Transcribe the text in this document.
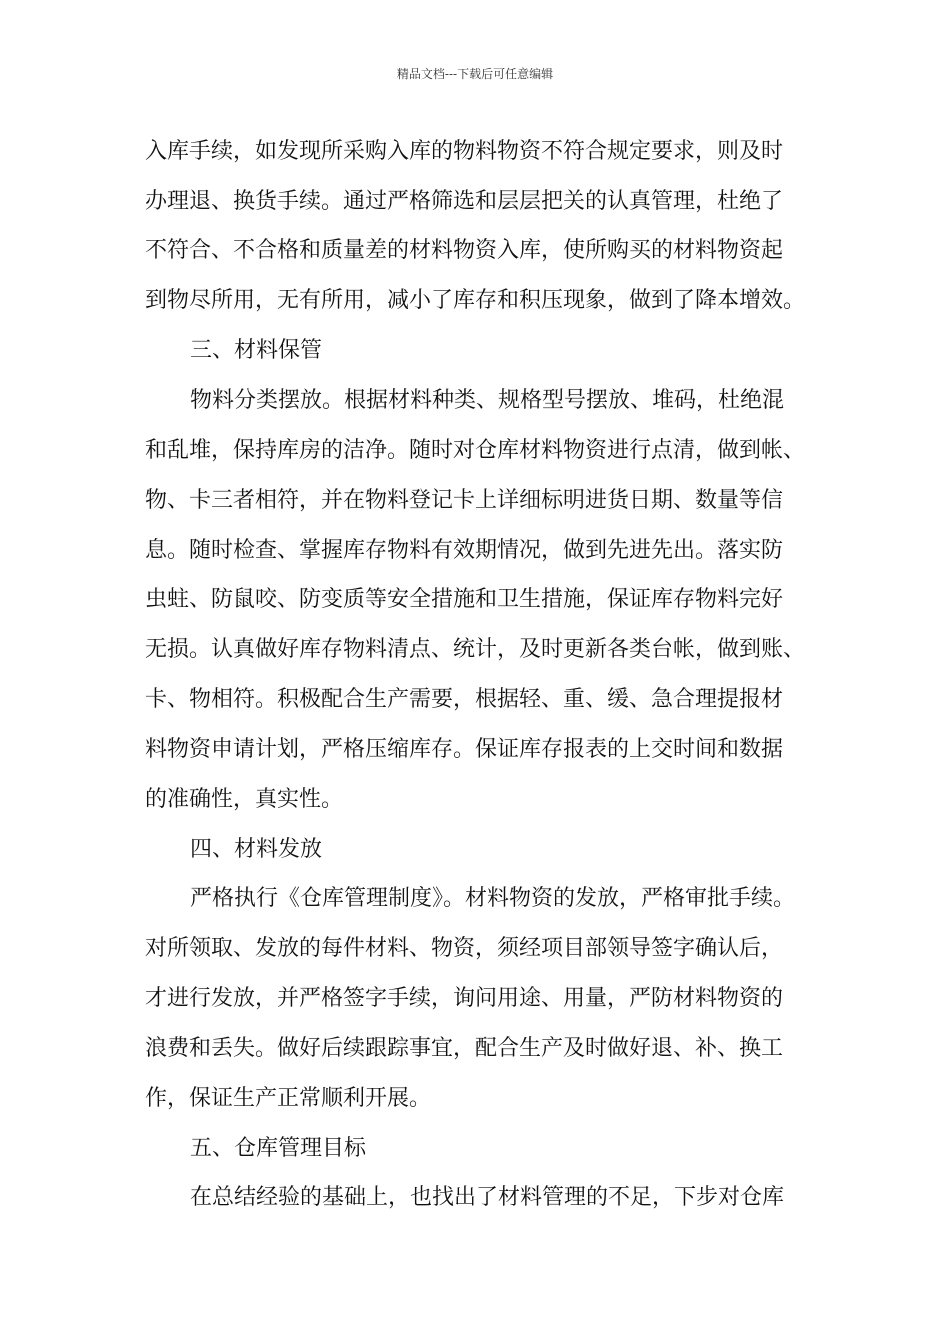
精品文档---下载后可任意编辑
入库手续，如发现所采购入库的物料物资不符合规定要求，则及时
办理退、换货手续。通过严格筛选和层层把关的认真管理，杜绝了
不符合、不合格和质量差的材料物资入库，使所购买的材料物资起
到物尽所用，无有所用，减小了库存和积压现象，做到了降本增效。
三、材料保管
物料分类摆放。根据材料种类、规格型号摆放、堆码，杜绝混
和乱堆，保持库房的洁净。随时对仓库材料物资进行点清，做到帐、
物、卡三者相符，并在物料登记卡上详细标明进货日期、数量等信
息。随时检查、掌握库存物料有效期情况，做到先进先出。落实防
虫蛀、防鼠咬、防变质等安全措施和卫生措施，保证库存物料完好
无损。认真做好库存物料清点、统计，及时更新各类台帐，做到账、
卡、物相符。积极配合生产需要，根据轻、重、缓、急合理提报材
料物资申请计划，严格压缩库存。保证库存报表的上交时间和数据
的准确性，真实性。
四、材料发放
严格执行《仓库管理制度》。材料物资的发放，严格审批手续。
对所领取、发放的每件材料、物资，须经项目部领导签字确认后，
才进行发放，并严格签字手续，询问用途、用量，严防材料物资的
浪费和丢失。做好后续跟踪事宜，配合生产及时做好退、补、换工
作，保证生产正常顺利开展。
五、仓库管理目标
在总结经验的基础上，也找出了材料管理的不足，下步对仓库
